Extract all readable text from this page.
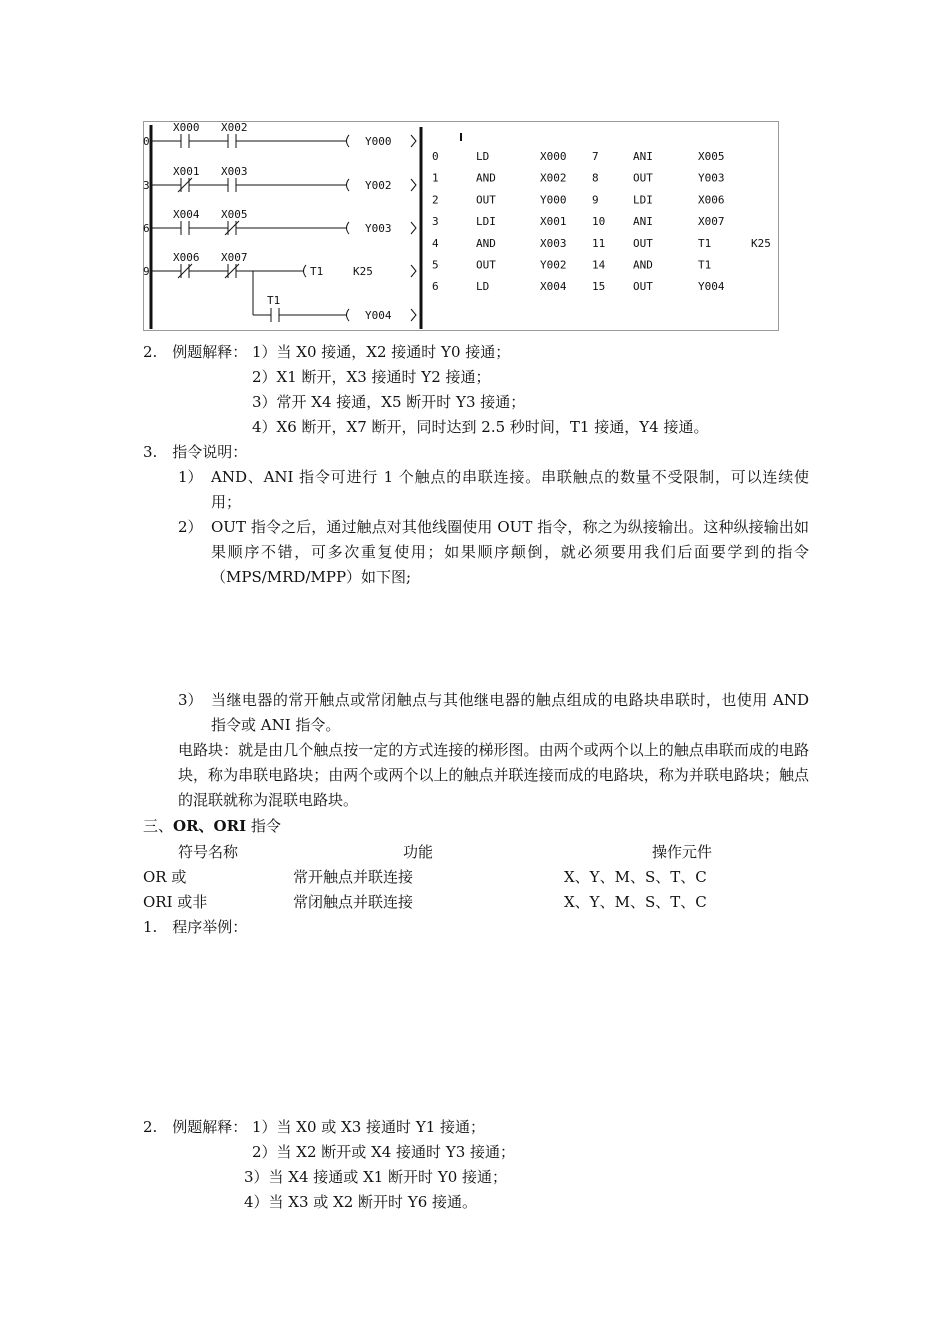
0
X000 X002
Y000
3
X001 X003
Y002
6
X004 X005
Y003
9
X006 X007
T1	K25
T1
Y004
0	LD	X000 7	ANI	X005
1	AND	X002 8	OUT	Y003
2	OUT	Y000 9	LDI	X006
3	LDI	X001 10	ANI	X007
4	AND	X003 11	OUT	T1	K25
5	OUT	Y002 14	AND	T1
6	LD	X004 15	OUT	Y004
2.　例题解释： 1）当 X0 接通，X2 接通时 Y0 接通；
2）X1 断开，X3 接通时 Y2 接通；
3）常开 X4 接通，X5 断开时 Y3 接通；
4）X6 断开，X7 断开，同时达到 2.5 秒时间，T1 接通，Y4 接通。
3.　指令说明：
1） AND、ANI 指令可进行 1 个触点的串联连接。串联触点的数量不受限制，可以连续使用；
2） OUT 指令之后，通过触点对其他线圈使用 OUT 指令，称之为纵接输出。这种纵接输出如果顺序不错，可多次重复使用；如果顺序颠倒，就必须要用我们后面要学到的指令（MPS/MRD/MPP）如下图;
3） 当继电器的常开触点或常闭触点与其他继电器的触点组成的电路块串联时，也使用 AND 指令或 ANI 指令。
电路块：就是由几个触点按一定的方式连接的梯形图。由两个或两个以上的触点串联而成的电路块，称为串联电路块；由两个或两个以上的触点并联连接而成的电路块，称为并联电路块；触点的混联就称为混联电路块。
三、OR、ORI 指令
符号名称	功能	操作元件
OR 或	常开触点并联连接	X、Y、M、S、T、C
ORI 或非	常闭触点并联连接	X、Y、M、S、T、C
1.　程序举例：
2.　例题解释： 1）当 X0 或 X3 接通时 Y1 接通；
2）当 X2 断开或 X4 接通时 Y3 接通；
3）当 X4 接通或 X1 断开时 Y0 接通；
4）当 X3 或 X2 断开时 Y6 接通。
